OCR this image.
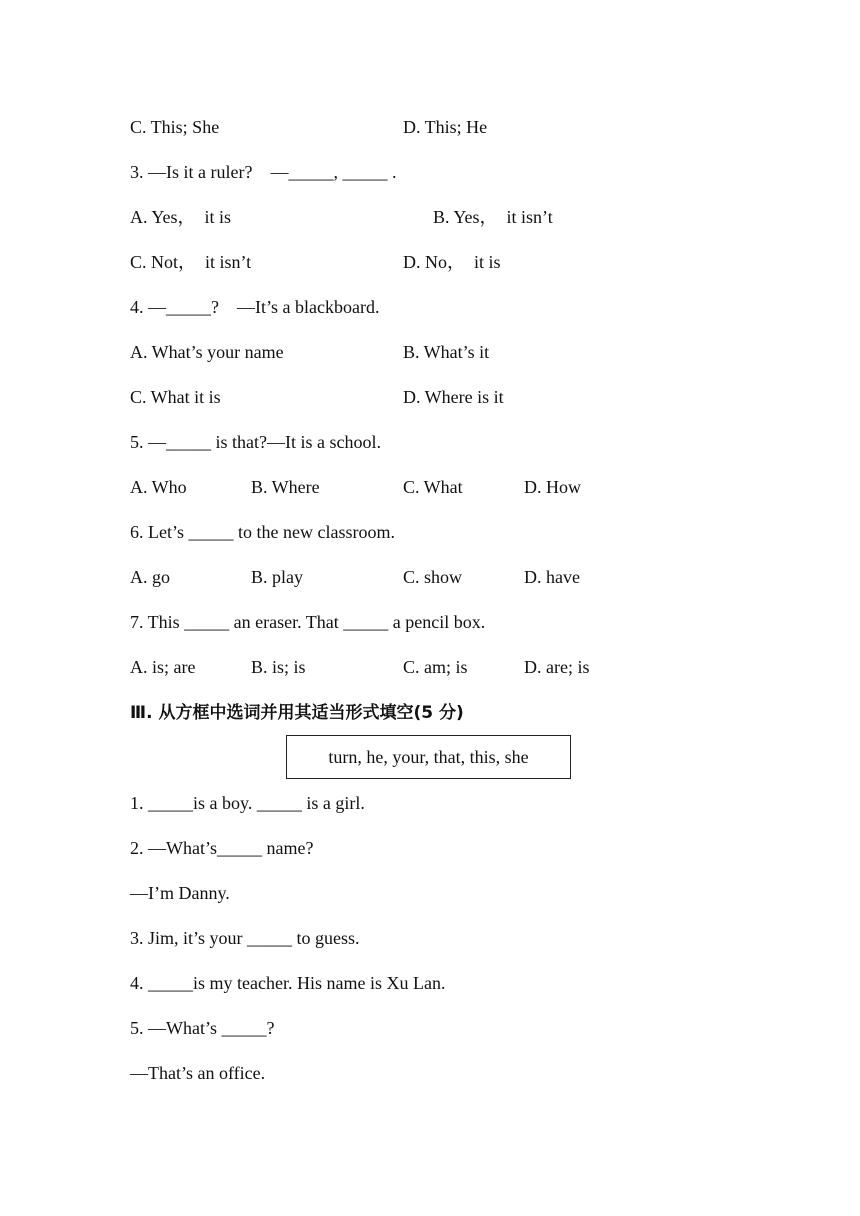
C. This; She	D. This; He
3. —Is it a ruler?    —_____, _____ .
A. Yes，  it is	B. Yes，  it isn’t
C. Not，  it isn’t	D. No，  it is
4. —_____?    —It’s a blackboard.
A. What’s your name	B. What’s it
C. What it is	D. Where is it
5. —_____ is that?—It is a school.
A. Who	B. Where	C. What	D. How
6. Let’s _____ to the new classroom.
A. go	B. play	C. show	D. have
7. This _____ an eraser. That _____ a pencil box.
A. is; are	B. is; is	C. am; is	D. are; is
Ⅲ. 从方框中选词并用其适当形式填空(5 分)
turn, he, your, that, this, she
1. _____is a boy. _____ is a girl.
2. —What’s_____ name?
—I’m Danny.
3. Jim, it’s your _____ to guess.
4. _____is my teacher. His name is Xu Lan.
5. —What’s _____?
—That’s an office.
